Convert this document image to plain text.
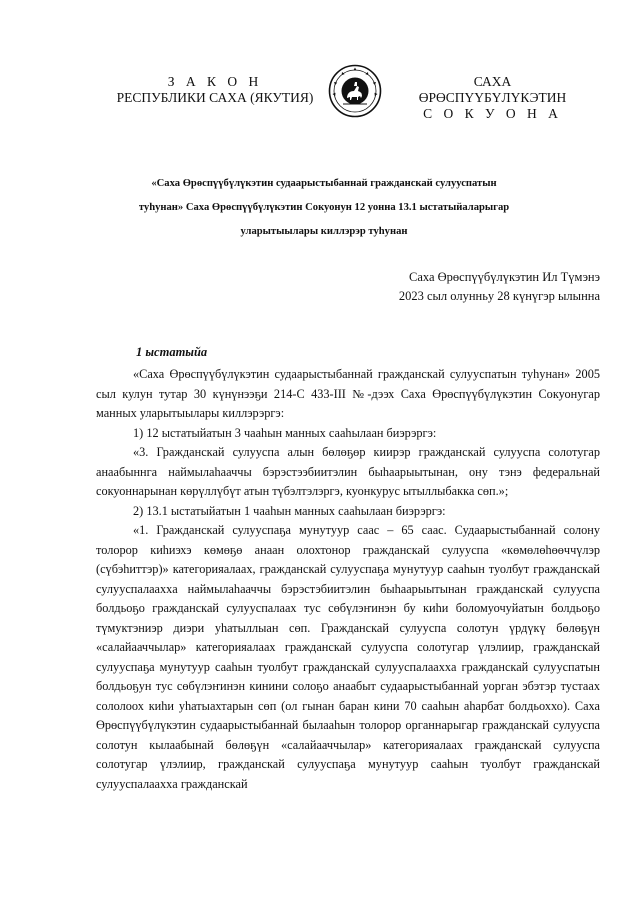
З А К О Н
РЕСПУБЛИКИ САХА (ЯКУТИЯ)
САХА ӨРӨСПҮҮБҮЛҮКЭТИН
С О К У О Н А
«Саха Өрөспүүбүлүкэтин судаарыстыбаннай гражданскай сулууспатын
туһунан» Саха Өрөспүүбүлүкэтин Сокуонун 12 уонна 13.1 ыстатыйаларыгар
уларытыылары киллэрэр туһунан
Саха Өрөспүүбүлүкэтин Ил Түмэнэ
2023 сыл олунньу 28 күнүгэр ылынна
1 ыстатыйа

«Саха Өрөспүүбүлүкэтин судаарыстыбаннай гражданскай сулууспатын туһунан» 2005 сыл кулун тутар 30 күнүнээҕи 214-С 433-III №-дээх Саха Өрөспүүбүлүкэтин Сокуонугар манных уларытыылары киллэрэргэ:

1) 12 ыстатыйатын 3 чааһын манных сааһылаан биэрэргэ:

«3. Гражданскай сулууспа алын бөлөҕөр киирэр гражданскай сулууспа солотугар анаабыннга наймылаһааччы бэрэстээбиитэлин быһаарыытынан, ону тэнэ федеральнай сокуоннарынан көрүллүбүт атын түбэлтэлэргэ, куонкурус ытыллыбакка сөп.»;

2) 13.1 ыстатыйатын 1 чааһын манных сааһылаан биэрэргэ:

«1. Гражданскай сулууспаҕа мунутуур саас – 65 саас. Судаарыстыбаннай солону толорор киһиэхэ көмөҕө анаан олохтонор гражданскай сулууспа «көмөлөһөөччүлэр (сүбэһиттэр)» категорияалаах, гражданскай сулууспаҕа мунутуур сааһын туолбут гражданскай сулууспалааххa наймылаһааччы бэрэстэбиитэлин быһаарыытынан гражданскай сулууспа болдьоҕо гражданскай сулууспалаах тус сөбүлэҥинэн бу киһи боломуочуйатын болдьоҕо түмуктэниэр диэри уһатыллыан сөп. Гражданскай сулууспа солотун үрдүкү бөлөҕүн «салайааччылар» категорияалаах гражданскай сулууспа солотугар үлэлиир, гражданскай сулууспаҕа мунутуур сааһын туолбут гражданскай сулууспалааххa гражданскай сулууспатын болдьоҕун тус сөбүлэҥинэн кинини солоҕо анаабыт судаарыстыбаннай уорган эбэтэр тустаах сололоох киһи уһатыахтарын сөп (ол гынан баран кини 70 сааһын аһарбат болдьоххо). Саха Өрөспүүбүлүкэтин судаарыстыбаннай былааһын толорор органнарыгар гражданскай сулууспа солотун кылаабынай бөлөҕүн «салайааччылар» категорияалаах гражданскай сулууспа солотугар үлэлиир, гражданскай сулууспаҕа мунутуур сааһын туолбут гражданскай сулууспалааххa гражданскай
